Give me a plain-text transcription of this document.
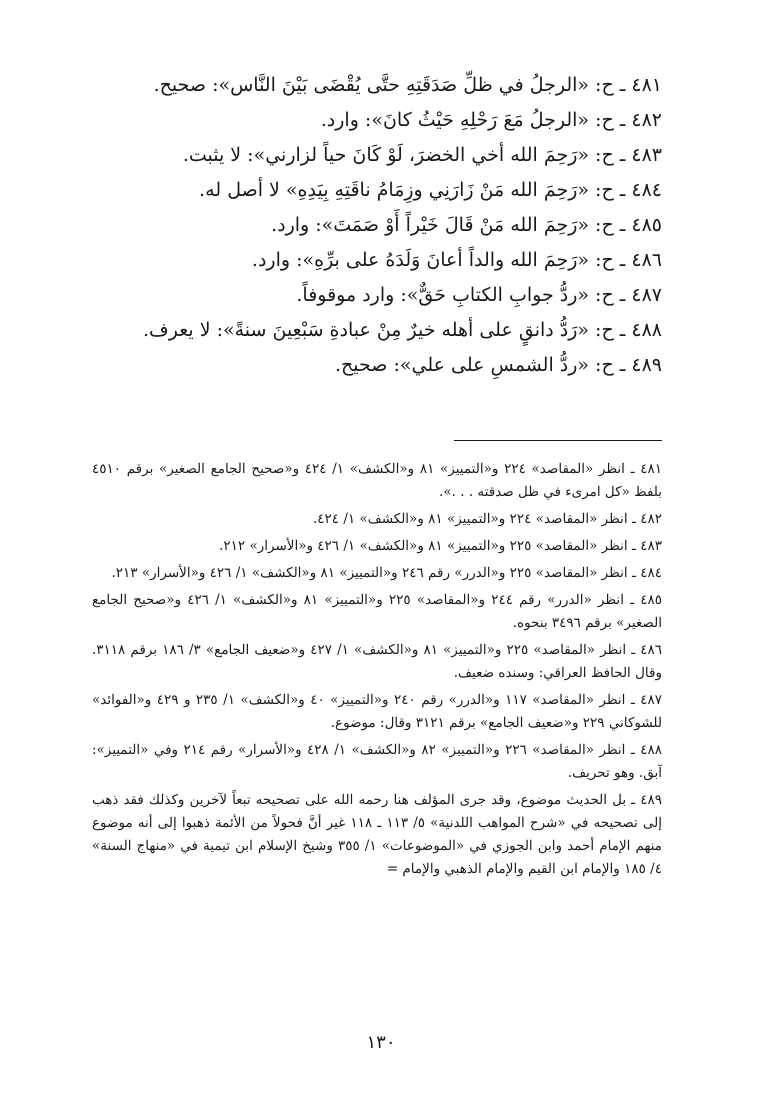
٤٨١ ـ ح: «الرجلُ في ظلِّ صَدَقَتِهِ حتَّى يُقْضَى بَيْنَ النَّاس»: صحيح.
٤٨٢ ـ ح: «الرجلُ مَعَ رَحْلِهِ حَيْثُ كانَ»: وارد.
٤٨٣ ـ ح: «رَحِمَ الله أخي الخضرَ، لَوْ كَانَ حياً لزارني»: لا يثبت.
٤٨٤ ـ ح: «رَحِمَ الله مَنْ زَارَنِي وزِمَامُ ناقَتِهِ بِيَدِهِ» لا أصل له.
٤٨٥ ـ ح: «رَحِمَ الله مَنْ قَالَ خَيْراً أَوْ صَمَتَ»: وارد.
٤٨٦ ـ ح: «رَحِمَ الله والداً أعانَ وَلَدَهُ على برِّهِ»: وارد.
٤٨٧ ـ ح: «ردُّ جوابِ الكتابِ حَقٌّ»: وارد موقوفاً.
٤٨٨ ـ ح: «رَدُّ دانقٍ على أهله خيرٌ مِنْ عبادةِ سَبْعِينَ سنةً»: لا يعرف.
٤٨٩ ـ ح: «ردُّ الشمسِ على علي»: صحيح.

٤٨١ ـ انظر «المقاصد» ٢٢٤ و«التمييز» ٨١ و«الكشف» ١/ ٤٢٤ و«صحيح الجامع الصغير» برقم ٤٥١٠ بلفظ «كل امرىء في ظل صدقته . . .».

٤٨٢ ـ انظر «المقاصد» ٢٢٤ و«التمييز» ٨١ و«الكشف» ١/ ٤٢٤.

٤٨٣ ـ انظر «المقاصد» ٢٢٥ و«التمييز» ٨١ و«الكشف» ١/ ٤٢٦ و«الأسرار» ٢١٢.

٤٨٤ ـ انظر «المقاصد» ٢٢٥ و«الدرر» رقم ٢٤٦ و«التمييز» ٨١ و«الكشف» ١/ ٤٢٦ و«الأسرار» ٢١٣.

٤٨٥ ـ انظر «الدرر» رقم ٢٤٤ و«المقاصد» ٢٢٥ و«التمييز» ٨١ و«الكشف» ١/ ٤٢٦ و«صحيح الجامع الصغير» برقم ٣٤٩٦ بنحوه.

٤٨٦ ـ انظر «المقاصد» ٢٢٥ و«التمييز» ٨١ و«الكشف» ١/ ٤٢٧ و«ضعيف الجامع» ٣/ ١٨٦ برقم ٣١١٨. وقال الحافظ العراقي: وسنده ضعيف.

٤٨٧ ـ انظر «المقاصد» ١١٧ و«الدرر» رقم ٢٤٠ و«التمييز» ٤٠ و«الكشف» ١/ ٢٣٥ و ٤٢٩ و«الفوائد» للشوكاني ٢٢٩ و«ضعيف الجامع» برقم ٣١٢١ وقال: موضوع.

٤٨٨ ـ انظر «المقاصد» ٢٢٦ و«التمييز» ٨٢ و«الكشف» ١/ ٤٢٨ و«الأسرار» رقم ٢١٤ وفي «التمييز»: آبق. وهو تحريف.

٤٨٩ ـ بل الحديث موضوع، وقد جرى المؤلف هنا رحمه الله على تصحيحه تبعاً لآخرين وكذلك فقد ذهب إلى تصحيحه في «شرح المواهب اللدنية» ٥/ ١١٣ ـ ١١٨ غير أنَّ فحولاً من الأئمة ذهبوا إلى أنه موضوع منهم الإمام أحمد وابن الجوزي في «الموضوعات» ١/ ٣٥٥ وشيخ الإسلام ابن تيمية في «منهاج السنة» ٤/ ١٨٥ والإمام ابن القيم والإمام الذهبي والإمام =

١٣٠
